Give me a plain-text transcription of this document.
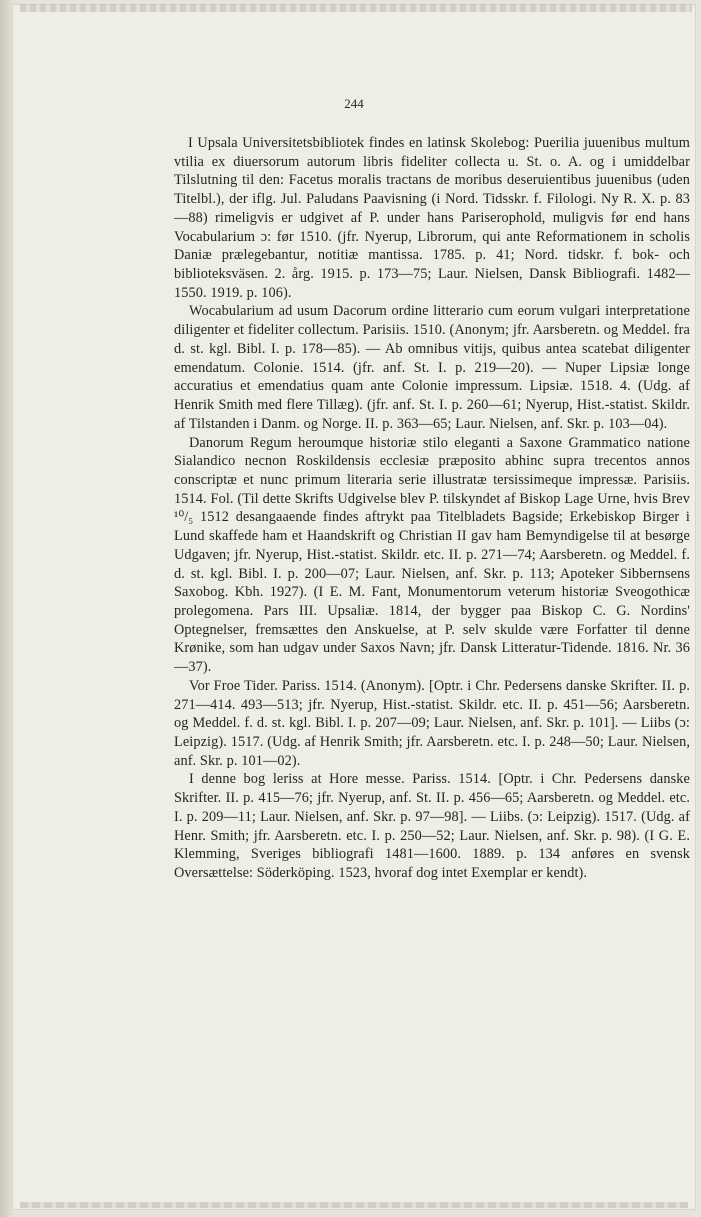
244

I Upsala Universitetsbibliotek findes en latinsk Skolebog: Puerilia juuenibus multum vtilia ex diuersorum autorum libris fideliter collecta u. St. o. A. og i umiddelbar Tilslutning til den: Facetus moralis tractans de moribus deseruientibus juuenibus (uden Titelbl.), der iflg. Jul. Paludans Paavisning (i Nord. Tidsskr. f. Filologi. Ny R. X. p. 83—88) rimeligvis er udgivet af P. under hans Pariserophold, muligvis før end hans Vocabularium ɔ: før 1510. (jfr. Nyerup, Librorum, qui ante Reformationem in scholis Daniæ prælegebantur, notitiæ mantissa. 1785. p. 41; Nord. tidskr. f. bok- och biblioteksväsen. 2. årg. 1915. p. 173—75; Laur. Nielsen, Dansk Bibliografi. 1482—1550. 1919. p. 106).

Wocabularium ad usum Dacorum ordine litterario cum eorum vulgari interpretatione diligenter et fideliter collectum. Parisiis. 1510. (Anonym; jfr. Aarsberetn. og Meddel. fra d. st. kgl. Bibl. I. p. 178—85). — Ab omnibus vitijs, quibus antea scatebat diligenter emendatum. Colonie. 1514. (jfr. anf. St. I. p. 219—20). — Nuper Lipsiæ longe accuratius et emendatius quam ante Colonie impressum. Lipsiæ. 1518. 4. (Udg. af Henrik Smith med flere Tillæg). (jfr. anf. St. I. p. 260—61; Nyerup, Hist.-statist. Skildr. af Tilstanden i Danm. og Norge. II. p. 363—65; Laur. Nielsen, anf. Skr. p. 103—04).

Danorum Regum heroumque historiæ stilo eleganti a Saxone Grammatico natione Sialandico necnon Roskildensis ecclesiæ præposito abhinc supra trecentos annos conscriptæ et nunc primum literaria serie illustratæ tersissimeque impressæ. Parisiis. 1514. Fol. (Til dette Skrifts Udgivelse blev P. tilskyndet af Biskop Lage Urne, hvis Brev ¹⁰/₅ 1512 desangaaende findes aftrykt paa Titelbladets Bagside; Erkebiskop Birger i Lund skaffede ham et Haandskrift og Christian II gav ham Bemyndigelse til at besørge Udgaven; jfr. Nyerup, Hist.-statist. Skildr. etc. II. p. 271—74; Aarsberetn. og Meddel. f. d. st. kgl. Bibl. I. p. 200—07; Laur. Nielsen, anf. Skr. p. 113; Apoteker Sibbernsens Saxobog. Kbh. 1927). (I E. M. Fant, Monumentorum veterum historiæ Sveogothicæ prolegomena. Pars III. Upsaliæ. 1814, der bygger paa Biskop C. G. Nordins' Optegnelser, fremsættes den Anskuelse, at P. selv skulde være Forfatter til denne Krønike, som han udgav under Saxos Navn; jfr. Dansk Litteratur-Tidende. 1816. Nr. 36—37).

Vor Froe Tider. Pariss. 1514. (Anonym). [Optr. i Chr. Pedersens danske Skrifter. II. p. 271—414. 493—513; jfr. Nyerup, Hist.-statist. Skildr. etc. II. p. 451—56; Aarsberetn. og Meddel. f. d. st. kgl. Bibl. I. p. 207—09; Laur. Nielsen, anf. Skr. p. 101]. — Liibs (ɔ: Leipzig). 1517. (Udg. af Henrik Smith; jfr. Aarsberetn. etc. I. p. 248—50; Laur. Nielsen, anf. Skr. p. 101—02).

I denne bog leriss at Hore messe. Pariss. 1514. [Optr. i Chr. Pedersens danske Skrifter. II. p. 415—76; jfr. Nyerup, anf. St. II. p. 456—65; Aarsberetn. og Meddel. etc. I. p. 209—11; Laur. Nielsen, anf. Skr. p. 97—98]. — Liibs. (ɔ: Leipzig). 1517. (Udg. af Henr. Smith; jfr. Aarsberetn. etc. I. p. 250—52; Laur. Nielsen, anf. Skr. p. 98). (I G. E. Klemming, Sveriges bibliografi 1481—1600. 1889. p. 134 anføres en svensk Oversættelse: Söderköping. 1523, hvoraf dog intet Exemplar er kendt).
